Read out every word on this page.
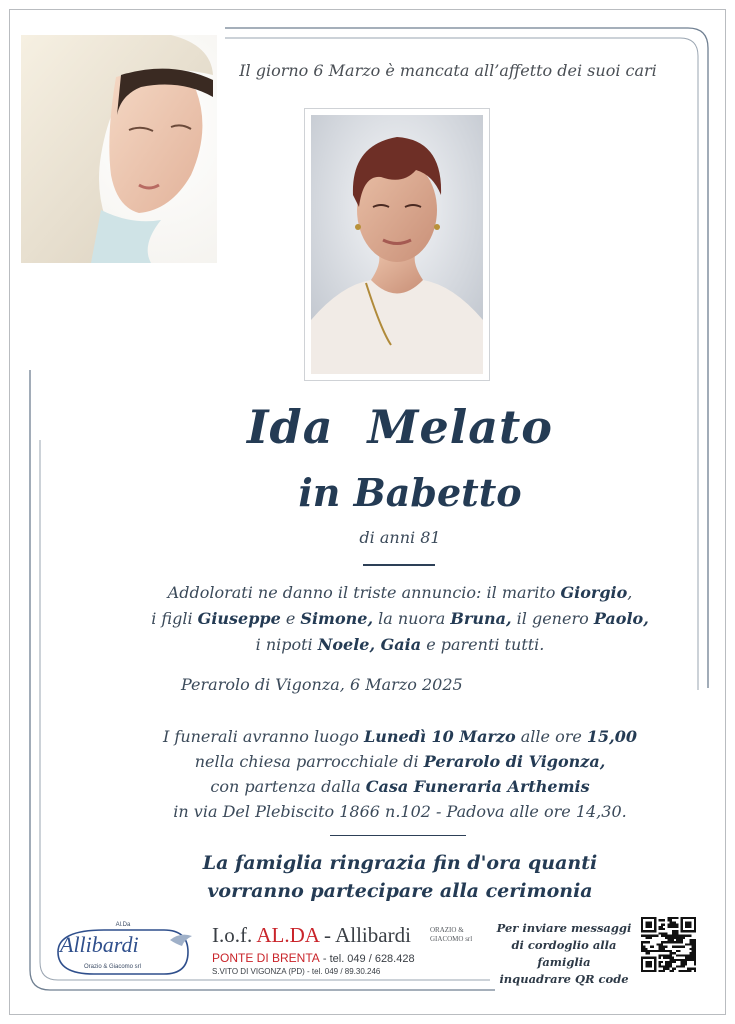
Il giorno 6 Marzo è mancata all’affetto dei suoi cari
Ida  Melato
in Babetto
di anni 81
Addolorati ne danno il triste annuncio: il marito Giorgio,
i figli Giuseppe e Simone, la nuora Bruna, il genero Paolo,
i nipoti Noele, Gaia e parenti tutti.
Perarolo di Vigonza, 6 Marzo 2025
I funerali avranno luogo Lunedì 10 Marzo alle ore 15,00
nella chiesa parrocchiale di Perarolo di Vigonza,
con partenza dalla Casa Funeraria Arthemis
in via Del Plebiscito 1866 n.102 - Padova alle ore 14,30.
La famiglia ringrazia fin d'ora quanti
vorranno partecipare alla cerimonia
Al.Da
Allibardi
Orazio & Giacomo srl
I.o.f. AL.DA - Allibardi	ORAZIO &
GIACOMO srl
PONTE DI BRENTA - tel. 049 / 628.428
S.VITO DI VIGONZA (PD) - tel. 049 / 89.30.246
Per inviare messaggi
di cordoglio alla famiglia
inquadrare QR code
